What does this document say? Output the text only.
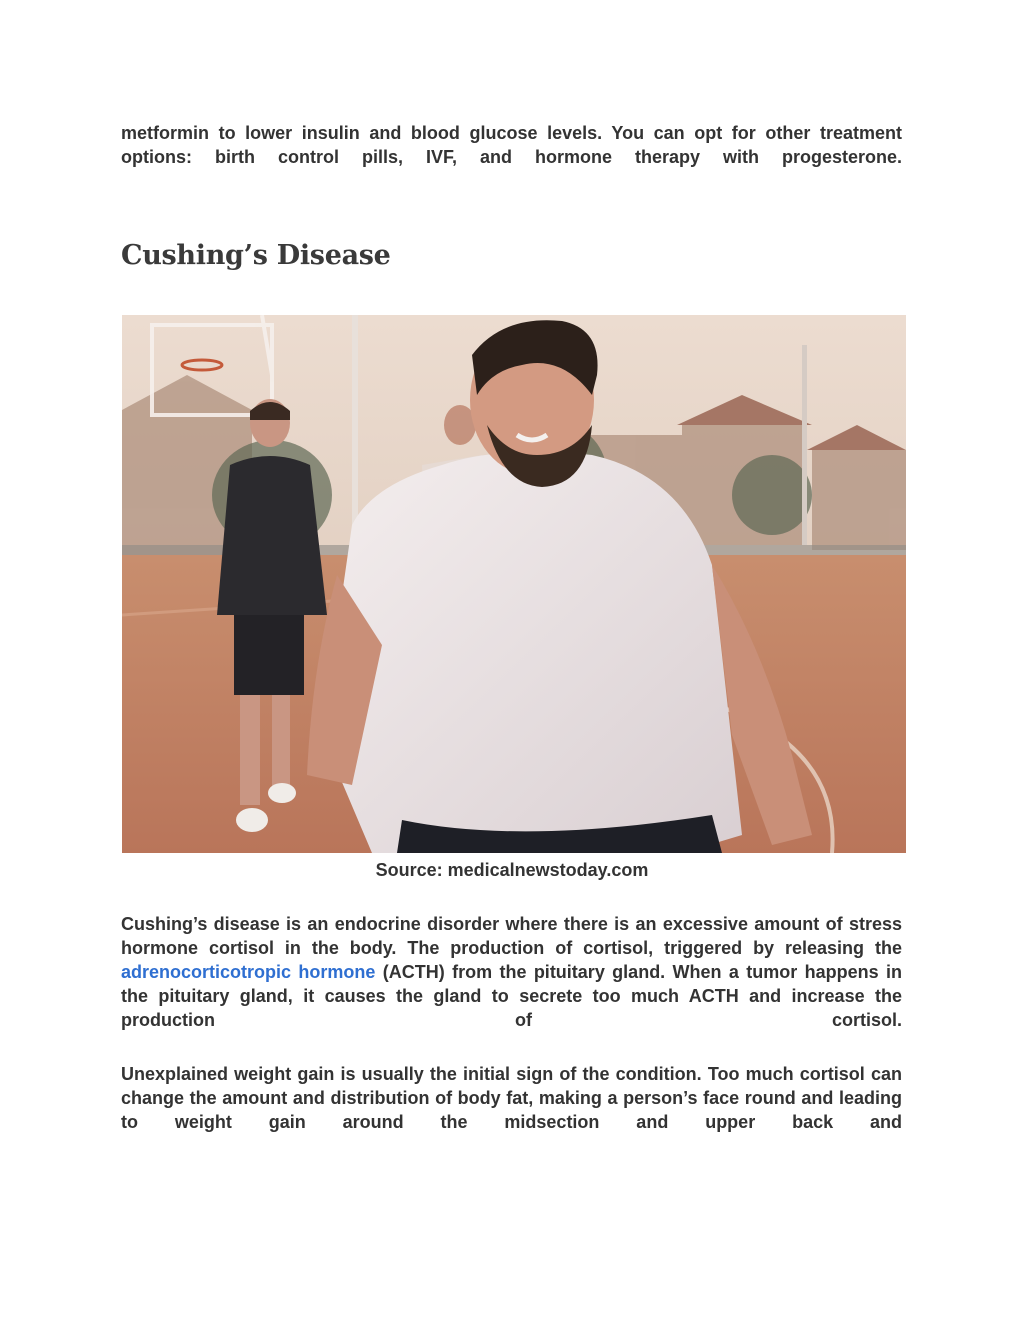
metformin to lower insulin and blood glucose levels. You can opt for other treatment options: birth control pills, IVF, and hormone therapy with progesterone.

Cushing’s Disease
Source: medicalnewstoday.com

Cushing’s disease is an endocrine disorder where there is an excessive amount of stress hormone cortisol in the body. The production of cortisol, triggered by releasing the adrenocorticotropic hormone (ACTH) from the pituitary gland. When a tumor happens in the pituitary gland, it causes the gland to secrete too much ACTH and increase the production of cortisol.

Unexplained weight gain is usually the initial sign of the condition. Too much cortisol can change the amount and distribution of body fat, making a person’s face round and leading to weight gain around the midsection and upper back and
